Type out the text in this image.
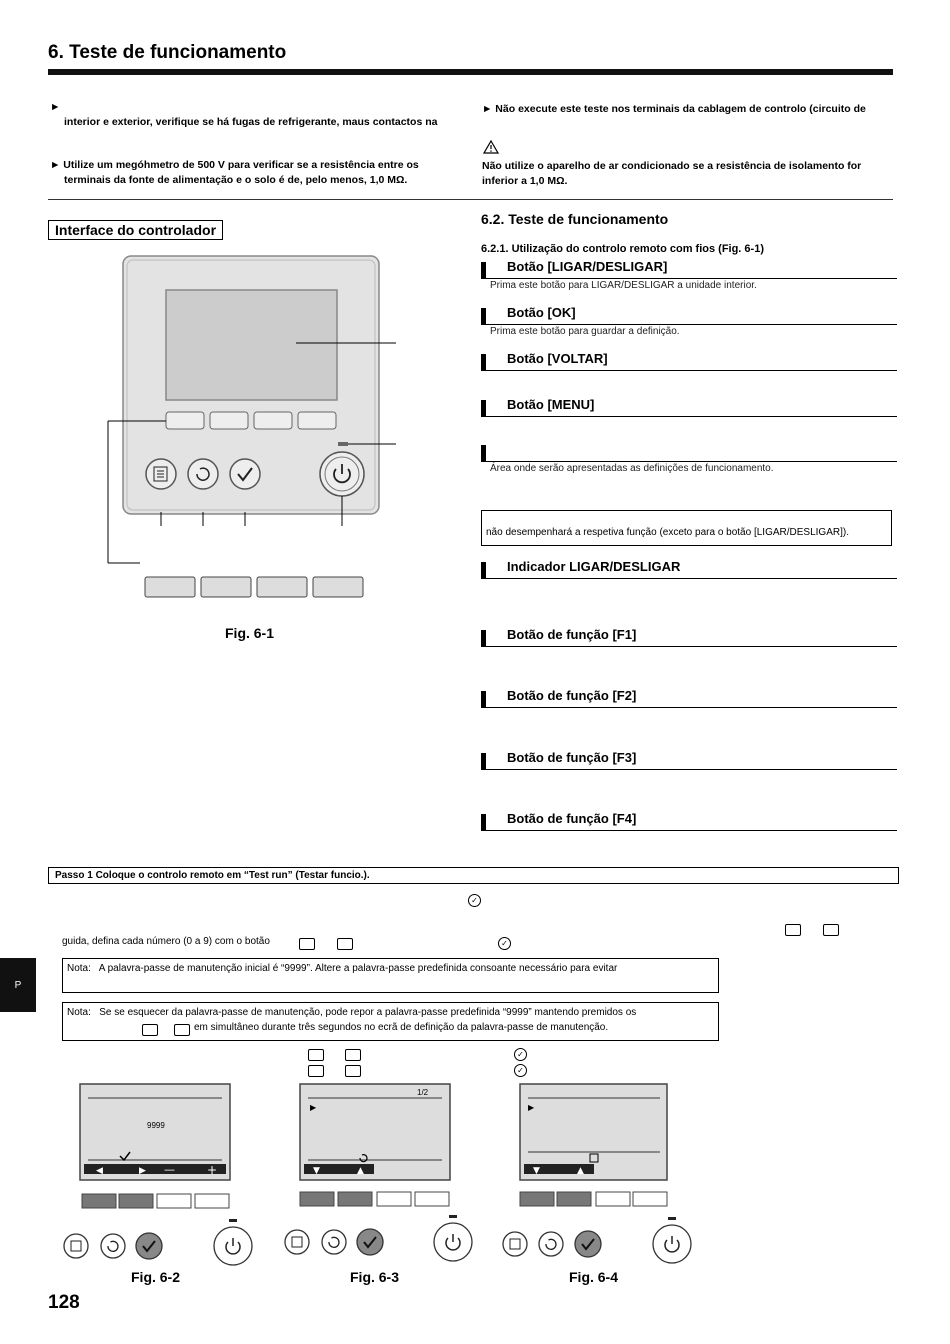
6. Teste de funcionamento
►
interior e exterior, verifique se há fugas de refrigerante, maus contactos na
► Utilize um megóhmetro de 500 V para verificar se a resistência entre os
terminais da fonte de alimentação e o solo é de, pelo menos, 1,0 MΩ.
► Não execute este teste nos terminais da cablagem de controlo (circuito de
Não utilize o aparelho de ar condicionado se a resistência de isolamento for
inferior a 1,0 MΩ.
Interface do controlador
Fig. 6-1
6.2. Teste de funcionamento
6.2.1. Utilização do controlo remoto com fios (Fig. 6-1)
Botão [LIGAR/DESLIGAR]
Prima este botão para LIGAR/DESLIGAR a unidade interior.
Botão [OK]
Prima este botão para guardar a definição.
Botão [VOLTAR]
Botão [MENU]
Área onde serão apresentadas as definições de funcionamento.
não desempenhará a respetiva função (exceto para o botão [LIGAR/DESLIGAR]).
Indicador LIGAR/DESLIGAR
Botão de função [F1]
Botão de função [F2]
Botão de função [F3]
Botão de função [F4]
Passo 1 Coloque o controlo remoto em “Test run” (Testar funcio.).
✓
guida, defina cada número (0 a 9) com o botão	✓
Nota: A palavra-passe de manutenção inicial é “9999”. Altere a palavra-passe predefinida consoante necessário para evitar
Nota: Se se esquecer da palavra-passe de manutenção, pode repor a palavra-passe predefinida “9999” mantendo premidos os
em simultâneo durante três segundos no ecrã de definição da palavra-passe de manutenção.
✓
✓
P
◀	▶ —	+
9999
Fig. 6-2
▶
▼	▲
1/2
Fig. 6-3
▶
▼	▲
Fig. 6-4
128
